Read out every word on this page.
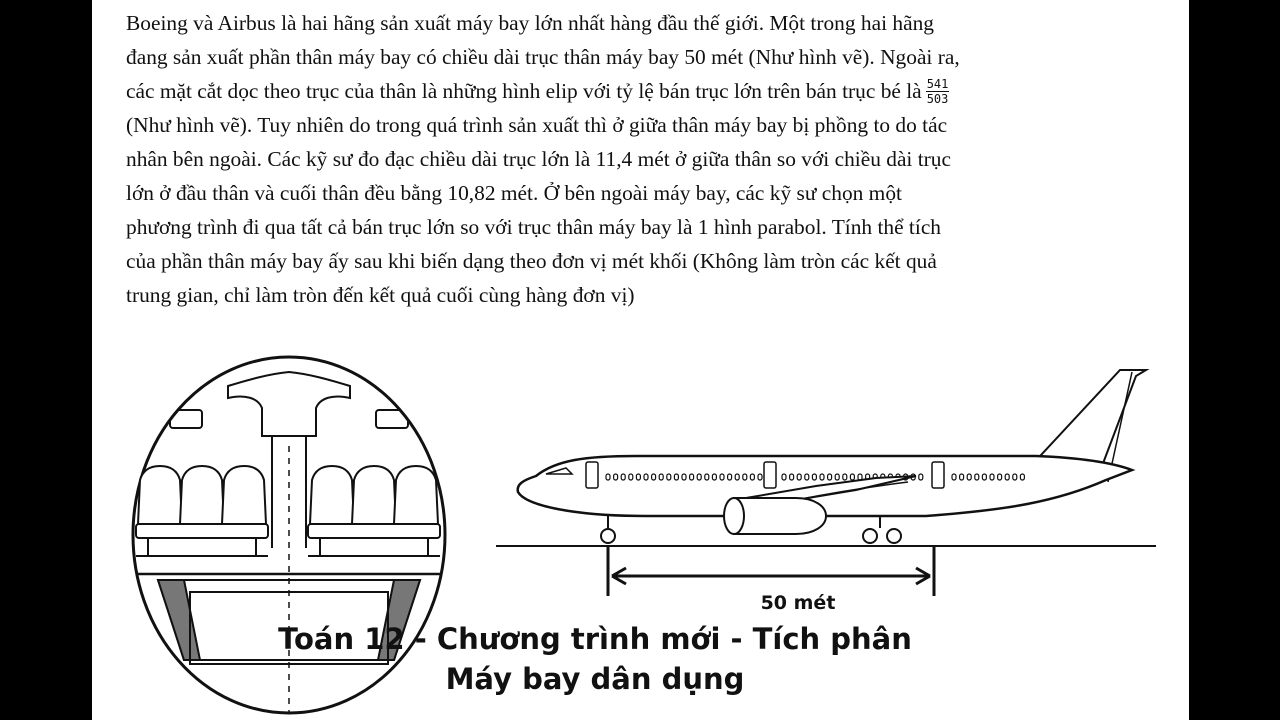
Boeing và Airbus là hai hãng sản xuất máy bay lớn nhất hàng đầu thế giới. Một trong hai hãng
đang sản xuất phần thân máy bay có chiều dài trục thân máy bay 50 mét (Như hình vẽ). Ngoài ra,
các mặt cắt dọc theo trục của thân là những hình elip với tỷ lệ bán trục lớn trên bán trục bé là $\frac{541}{503}$
(Như hình vẽ). Tuy nhiên do trong quá trình sản xuất thì ở giữa thân máy bay bị phồng to do tác
nhân bên ngoài. Các kỹ sư đo đạc chiều dài trục lớn là 11,4 mét ở giữa thân so với chiều dài trục
lớn ở đầu thân và cuối thân đều bằng 10,82 mét. Ở bên ngoài máy bay, các kỹ sư chọn một
phương trình đi qua tất cả bán trục lớn so với trục thân máy bay là 1 hình parabol. Tính thể tích
của phần thân máy bay ấy sau khi biến dạng theo đơn vị mét khối (Không làm tròn các kết quả
trung gian, chỉ làm tròn đến kết quả cuối cùng hàng đơn vị)
50 mét
Toán 12 - Chương trình mới - Tích phân
Máy bay dân dụng
